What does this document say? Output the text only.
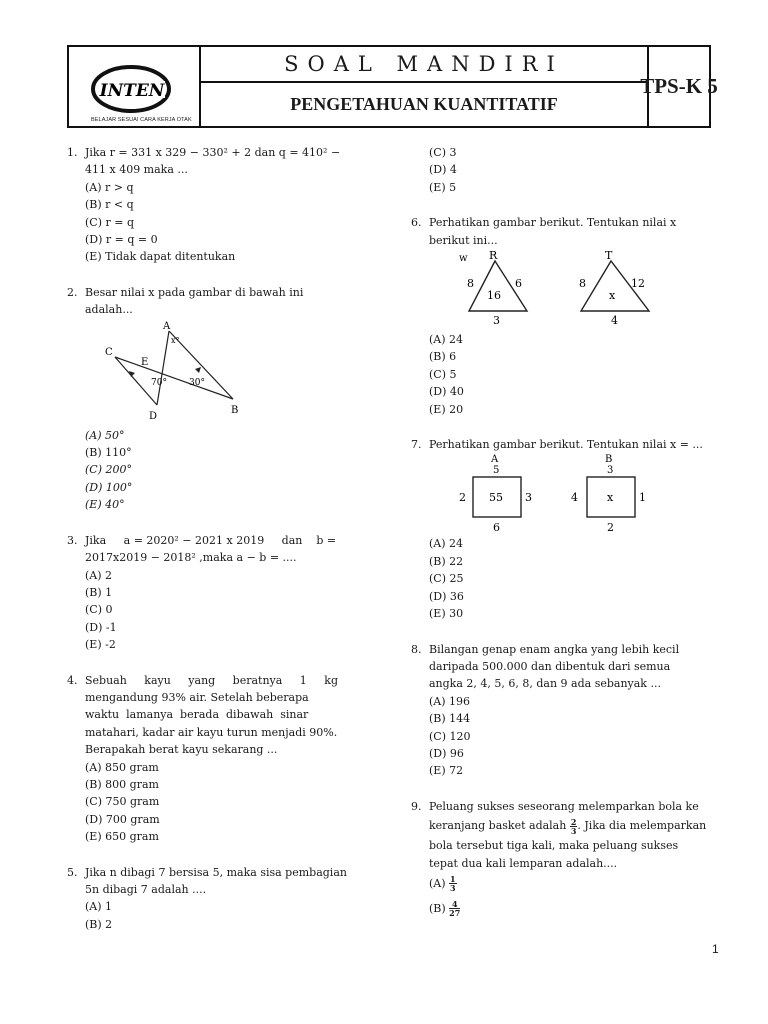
INTEN
BELAJAR SESUAI CARA KERJA OTAK
SOAL MANDIRI
PENGETAHUAN KUANTITATIF
TPS-K 5
1. Jika r = 331 x 329 − 330² + 2 dan q = 410² −
411 x 409 maka ...
(A) r > q
(B) r < q
(C) r = q
(D) r = q = 0
(E) Tidak dapat ditentukan
2. Besar nilai x pada gambar di bawah ini
adalah...
A
x°
C
E
70° 30°
D
B
(A) 50°
(B) 110°
(C) 200°
(D) 100°
(E) 40°
3. Jika     a = 2020² − 2021 x 2019     dan    b =
2017x2019 − 2018² ,maka a − b = ....
(A) 2
(B) 1
(C) 0
(D) -1
(E) -2
4. Sebuah     kayu     yang     beratnya     1     kg
mengandung 93% air. Setelah beberapa
waktu  lamanya  berada  dibawah  sinar
matahari, kadar air kayu turun menjadi 90%.
Berapakah berat kayu sekarang ...
(A) 850 gram
(B) 800 gram
(C) 750 gram
(D) 700 gram
(E) 650 gram
5. Jika n dibagi 7 bersisa 5, maka sisa pembagian
5n dibagi 7 adalah ....
(A) 1
(B) 2
(C) 3
(D) 4
(E) 5
6. Perhatikan gambar berikut. Tentukan nilai x
berikut ini...
w R
8	6
16
3
T
8	12
x
4
(A) 24
(B) 6
(C) 5
(D) 40
(E) 20
7. Perhatikan gambar berikut. Tentukan nilai x = ...
A
5
2 55 3
6
B
3
4	x 1
2
(A) 24
(B) 22
(C) 25
(D) 36
(E) 30
8. Bilangan genap enam angka yang lebih kecil
daripada 500.000 dan dibentuk dari semua
angka 2, 4, 5, 6, 8, dan 9 ada sebanyak ...
(A) 196
(B) 144
(C) 120
(D) 96
(E) 72
9. Peluang sukses seseorang melemparkan bola ke
keranjang basket adalah $\frac{2}{3}$ . Jika dia melemparkan
bola tersebut tiga kali, maka peluang sukses
tepat dua kali lemparan adalah....
$(A) \frac{1}{3}$
$(B) \frac{4}{27}$
1
